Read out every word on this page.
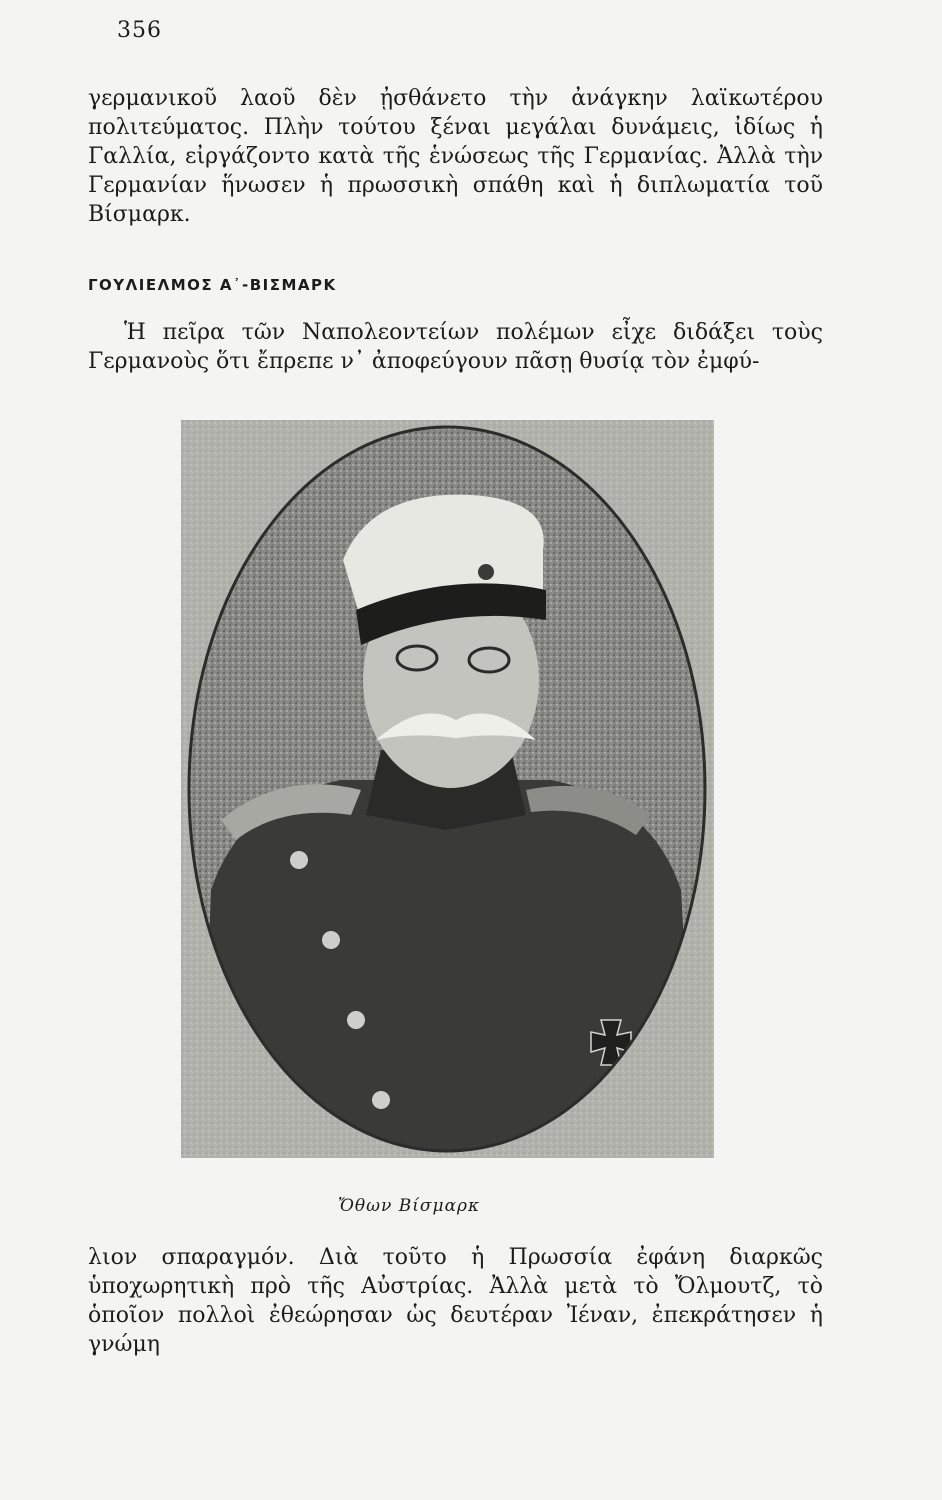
356

γερμανικοῦ λαοῦ δὲν ᾐσθάνετο τὴν ἀνάγκην λαϊκωτέρου πολιτεύματος. Πλὴν τούτου ξέναι μεγάλαι δυνάμεις, ἰδίως ἡ Γαλλία, εἰργάζοντο κατὰ τῆς ἑνώσεως τῆς Γερμανίας. Ἀλλὰ τὴν Γερμανίαν ἥνωσεν ἡ πρωσσικὴ σπάθη καὶ ἡ διπλωματία τοῦ Βίσμαρκ.

ΓΟΥΛΙΕΛΜΟΣ Α᾽-ΒΙΣΜΑΡΚ

Ἡ πεῖρα τῶν Ναπολεοντείων πολέμων εἶχε διδάξει τοὺς Γερμανοὺς ὅτι ἔπρεπε ν᾽ ἀποφεύγουν πᾶσῃ θυσίᾳ τὸν ἐμφύ-

Ὄθων Βίσμαρκ

λιον σπαραγμόν. Διὰ τοῦτο ἡ Πρωσσία ἐφάνη διαρκῶς ὑποχωρητικὴ πρὸ τῆς Αὐστρίας. Ἀλλὰ μετὰ τὸ Ὄλμουτζ, τὸ ὁποῖον πολλοὶ ἐθεώρησαν ὡς δευτέραν Ἰέναν, ἐπεκράτησεν ἡ γνώμη
